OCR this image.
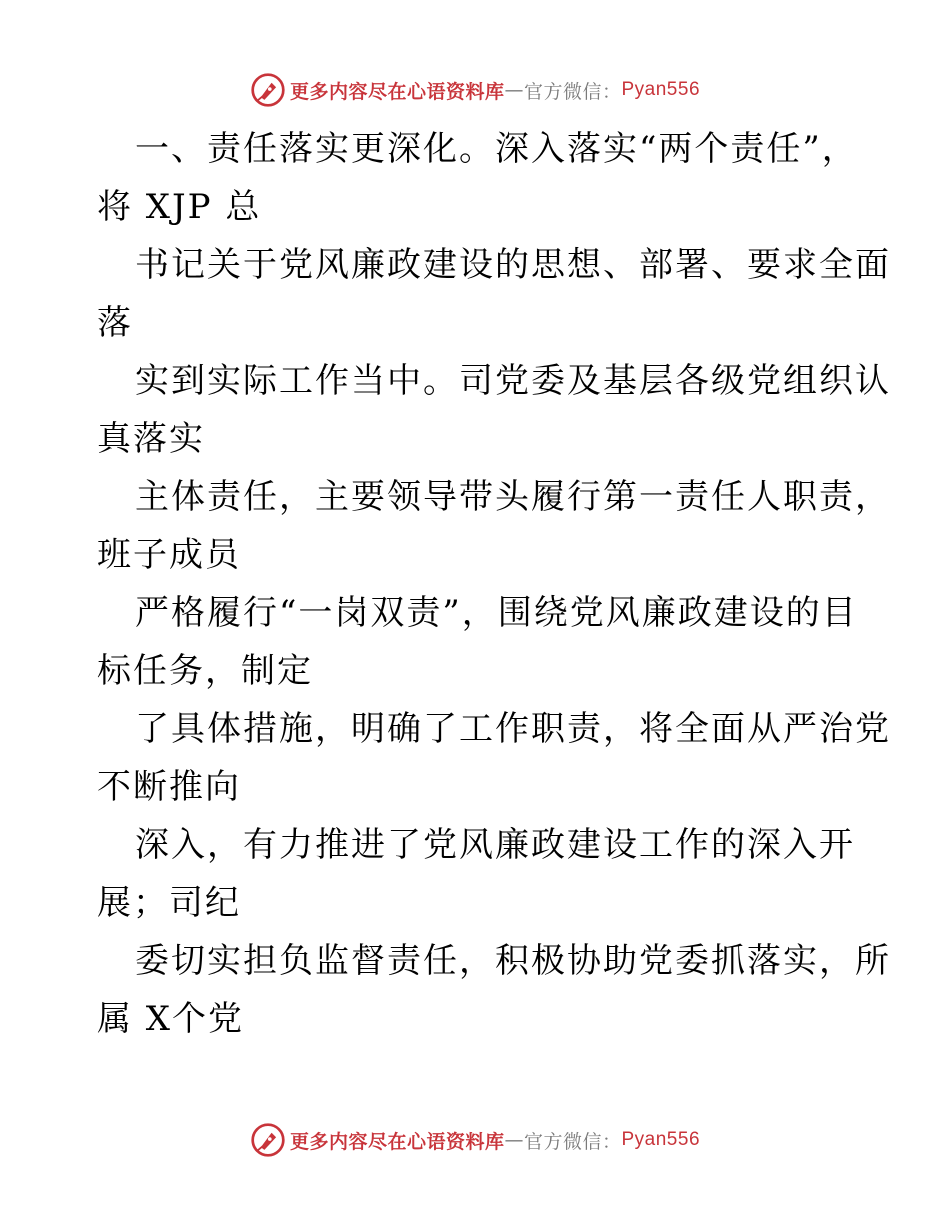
更多内容尽在心语资料库 — 官方微信： Pyan556
一、责任落实更深化。深入落实“两个责任”，
将 XJP 总
书记关于党风廉政建设的思想、部署、要求全面
落
实到实际工作当中。司党委及基层各级党组织认
真落实
主体责任，主要领导带头履行第一责任人职责，
班子成员
严格履行“一岗双责”，围绕党风廉政建设的目
标任务，制定
了具体措施，明确了工作职责，将全面从严治党
不断推向
深入，有力推进了党风廉政建设工作的深入开
展；司纪
委切实担负监督责任，积极协助党委抓落实，所
属 X个党
更多内容尽在心语资料库 — 官方微信： Pyan556
